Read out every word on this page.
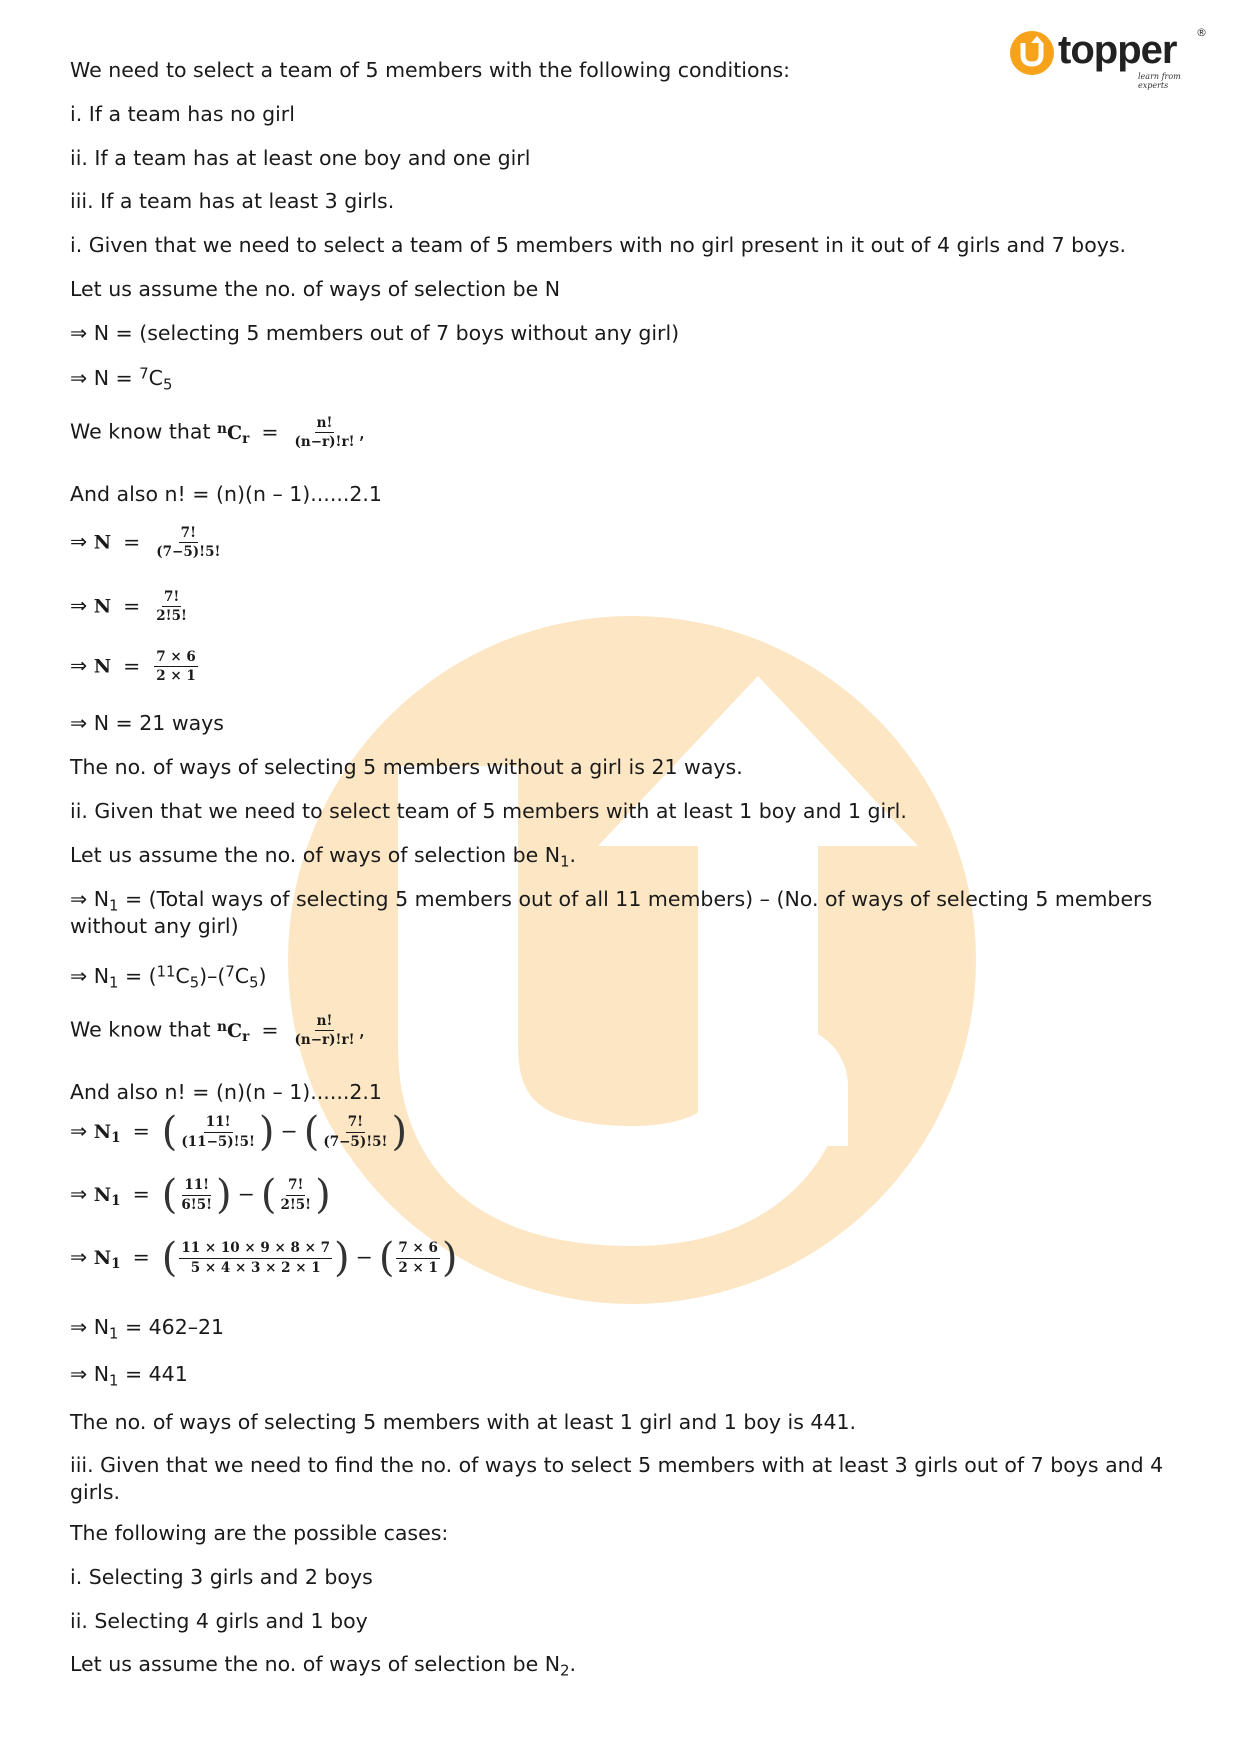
topper ®
learn from experts
We need to select a team of 5 members with the following conditions:
i. If a team has no girl
ii. If a team has at least one boy and one girl
iii. If a team has at least 3 girls.
i. Given that we need to select a team of 5 members with no girl present in it out of 4 girls and 7 boys.
Let us assume the no. of ways of selection be N
⇒ N = (selecting 5 members out of 7 boys without any girl)
⇒ $N = ^7C_5$
We know that $^nC_r = \frac{n!}{(n-r)!r!}$ ,
And also n! = (n)(n – 1)......2.1
⇒ $N = \frac{7!}{(7-5)!5!}$
⇒ $N = \frac{7!}{2!5!}$
⇒ $N = \frac{7 \times 6}{2 \times 1}$
⇒ N = 21 ways
The no. of ways of selecting 5 members without a girl is 21 ways.
ii. Given that we need to select team of 5 members with at least 1 boy and 1 girl.
Let us assume the no. of ways of selection be $N_1$.
⇒ $N_1$ = (Total ways of selecting 5 members out of all 11 members) – (No. of ways of selecting 5 members without any girl)
⇒ $N_1 = (^{11}C_5)-(^7C_5)$
We know that $^nC_r = \frac{n!}{(n-r)!r!}$ ,
And also n! = (n)(n – 1)......2.1
⇒ $N_1$ = ( $\frac{11!}{(11-5)!5!}$ ) − ( $\frac{7!}{(7-5)!5!}$ )
⇒ $N_1$ = ( $\frac{11!}{6!5!}$ ) − ( $\frac{7!}{2!5!}$ )
⇒ $N_1$ = ( $\frac{11 \times 10 \times 9 \times 8 \times 7}{5 \times 4 \times 3 \times 2 \times 1}$ ) − ( $\frac{7 \times 6}{2 \times 1}$ )
⇒ $N_1 = 462-21$
⇒ $N_1 = 441$
The no. of ways of selecting 5 members with at least 1 girl and 1 boy is 441.
iii. Given that we need to find the no. of ways to select 5 members with at least 3 girls out of 7 boys and 4 girls.
The following are the possible cases:
i. Selecting 3 girls and 2 boys
ii. Selecting 4 girls and 1 boy
Let us assume the no. of ways of selection be $N_2$.
